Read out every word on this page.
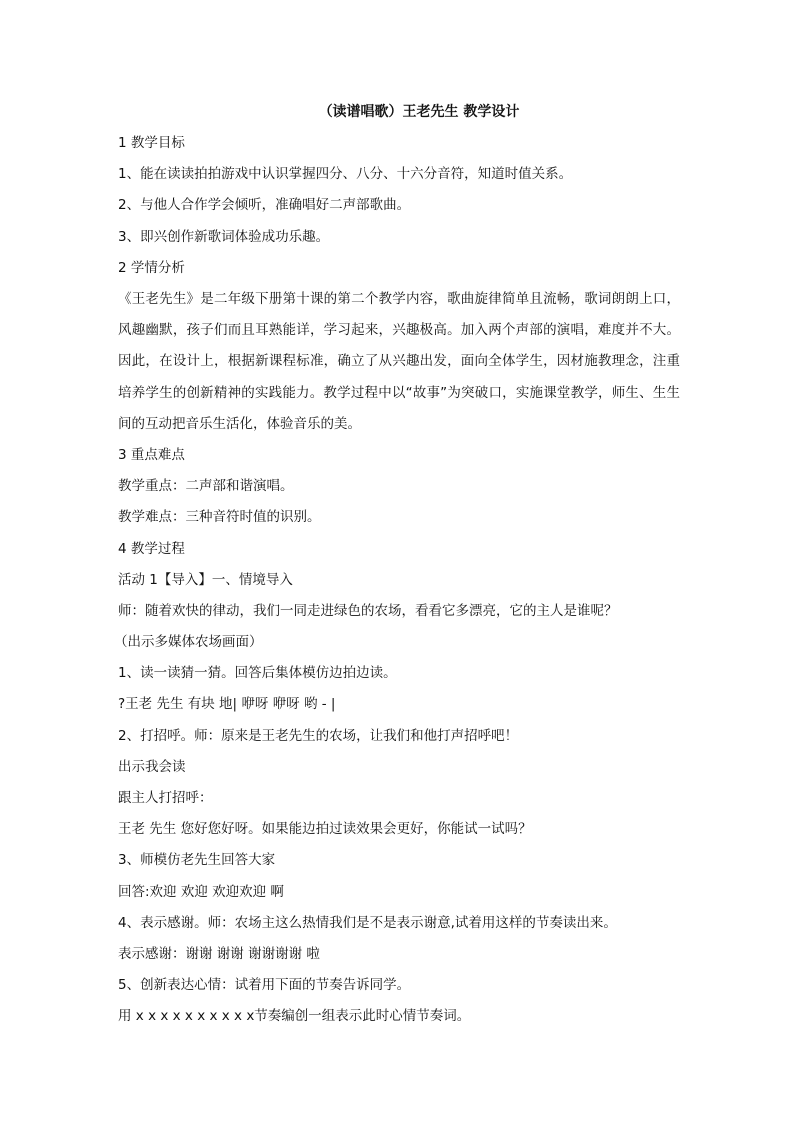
（读谱唱歌）王老先生 教学设计
1 教学目标
1、能在读读拍拍游戏中认识掌握四分、八分、十六分音符，知道时值关系。
2、与他人合作学会倾听，准确唱好二声部歌曲。
3、即兴创作新歌词体验成功乐趣。
2 学情分析
《王老先生》是二年级下册第十课的第二个教学内容，歌曲旋律简单且流畅，歌词朗朗上口，风趣幽默，孩子们而且耳熟能详，学习起来，兴趣极高。加入两个声部的演唱，难度并不大。因此，在设计上，根据新课程标准，确立了从兴趣出发，面向全体学生，因材施教理念，注重培养学生的创新精神的实践能力。教学过程中以“故事”为突破口，实施课堂教学，师生、生生间的互动把音乐生活化，体验音乐的美。
3 重点难点
教学重点：二声部和谐演唱。
教学难点：三种音符时值的识别。
4 教学过程
活动 1【导入】一、情境导入
师：随着欢快的律动，我们一同走进绿色的农场，看看它多漂亮，它的主人是谁呢？
（出示多媒体农场画面）
1、读一读猜一猜。回答后集体模仿边拍边读。
?王老 先生 有块 地| 咿呀 咿呀 哟 - |
2、打招呼。师：原来是王老先生的农场，让我们和他打声招呼吧！
出示我会读
跟主人打招呼：
王老 先生 您好您好呀。如果能边拍过读效果会更好，你能试一试吗？
3、师模仿老先生回答大家
回答:欢迎 欢迎 欢迎欢迎 啊
4、表示感谢。师：农场主这么热情我们是不是表示谢意,试着用这样的节奏读出来。
表示感谢：谢谢 谢谢 谢谢谢谢 啦
5、创新表达心情：试着用下面的节奏告诉同学。
用 x x x x x x x x x x节奏编创一组表示此时心情节奏词。
